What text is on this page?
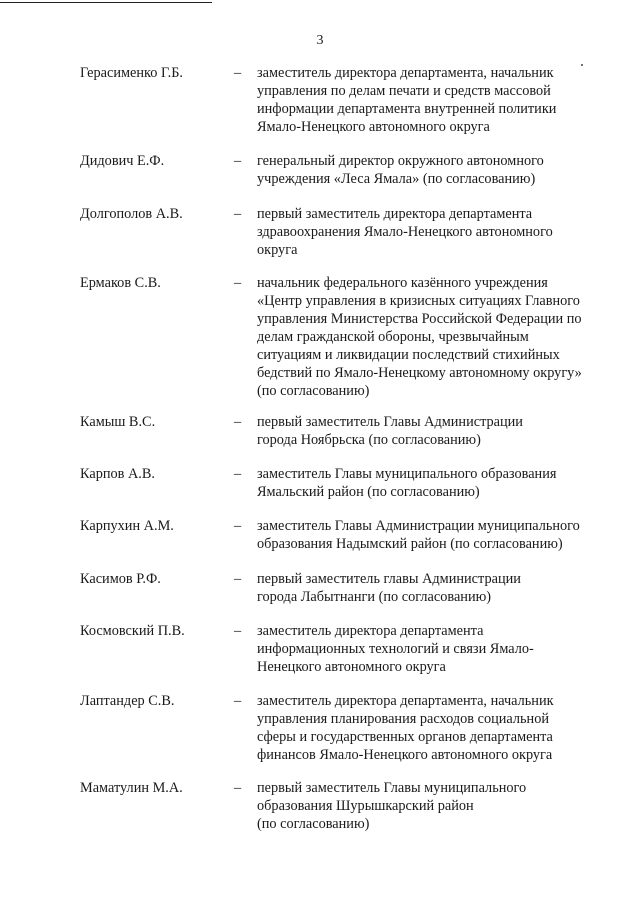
3
Герасименко Г.Б.	– заместитель директора департамента, начальник
управления по делам печати и средств массовой
информации департамента внутренней политики
Ямало-Ненецкого автономного округа
Дидович Е.Ф.	– генеральный директор окружного автономного
учреждения «Леса Ямала» (по согласованию)
Долгополов А.В.	– первый заместитель директора департамента
здравоохранения Ямало-Ненецкого автономного
округа
Ермаков С.В.	– начальник федерального казённого учреждения
«Центр управления в кризисных ситуациях Главного
управления Министерства Российской Федерации по
делам гражданской обороны, чрезвычайным
ситуациям и ликвидации последствий стихийных
бедствий по Ямало-Ненецкому автономному округу»
(по согласованию)
Камыш В.С.	– первый заместитель Главы Администрации
города Ноябрьска (по согласованию)
Карпов А.В.	– заместитель Главы муниципального образования
Ямальский район (по согласованию)
Карпухин А.М.	– заместитель Главы Администрации муниципального
образования Надымский район (по согласованию)
Касимов Р.Ф.	– первый заместитель главы Администрации
города Лабытнанги (по согласованию)
Космовский П.В.	– заместитель директора департамента
информационных технологий и связи Ямало-
Ненецкого автономного округа
Лаптандер С.В.	– заместитель директора департамента, начальник
управления планирования расходов социальной
сферы и государственных органов департамента
финансов Ямало-Ненецкого автономного округа
Маматулин М.А.	– первый заместитель Главы муниципального
образования Шурышкарский район
(по согласованию)
